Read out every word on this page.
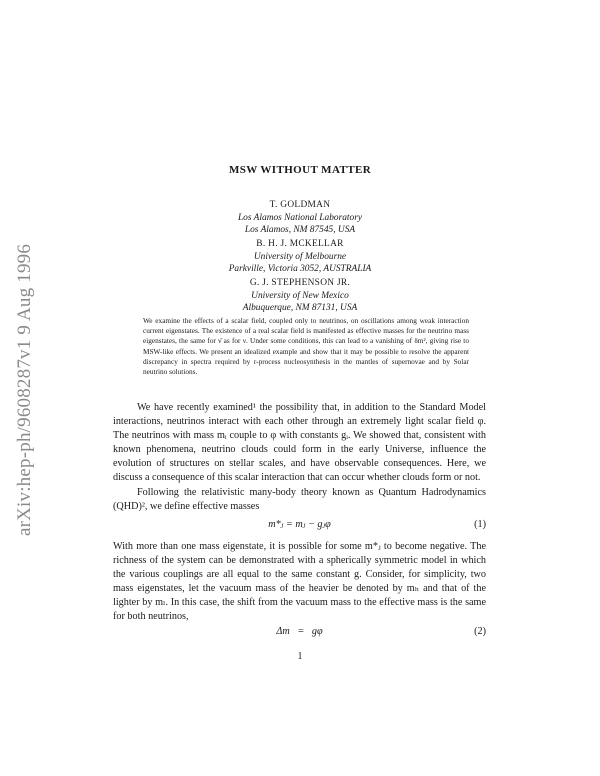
arXiv:hep-ph/9608287v1 9 Aug 1996
MSW WITHOUT MATTER
T. GOLDMAN
Los Alamos National Laboratory
Los Alamos, NM 87545, USA
B. H. J. MCKELLAR
University of Melbourne
Parkville, Victoria 3052, AUSTRALIA
G. J. STEPHENSON JR.
University of New Mexico
Albuquerque, NM 87131, USA
We examine the effects of a scalar field, coupled only to neutrinos, on oscillations among weak interaction current eigenstates. The existence of a real scalar field is manifested as effective masses for the neutrino mass eigenstates, the same for ν̄ as for ν. Under some conditions, this can lead to a vanishing of δm², giving rise to MSW-like effects. We present an idealized example and show that it may be possible to resolve the apparent discrepancy in spectra required by r-process nucleosynthesis in the mantles of supernovae and by Solar neutrino solutions.

We have recently examined¹ the possibility that, in addition to the Standard Model interactions, neutrinos interact with each other through an extremely light scalar field φ. The neutrinos with mass mᵢ couple to φ with constants gᵢ. We showed that, consistent with known phenomena, neutrino clouds could form in the early Universe, influence the evolution of structures on stellar scales, and have observable consequences. Here, we discuss a consequence of this scalar interaction that can occur whether clouds form or not.

Following the relativistic many-body theory known as Quantum Hadrodynamics (QHD)², we define effective masses

m*ⱼ = mⱼ − gⱼφ	(1)

With more than one mass eigenstate, it is possible for some m*ⱼ to become negative. The richness of the system can be demonstrated with a spherically symmetric model in which the various couplings are all equal to the same constant g. Consider, for simplicity, two mass eigenstates, let the vacuum mass of the heavier be denoted by mₕ and that of the lighter by mₗ. In this case, the shift from the vacuum mass to the effective mass is the same for both neutrinos,

Δm   =   gφ	(2)
1
